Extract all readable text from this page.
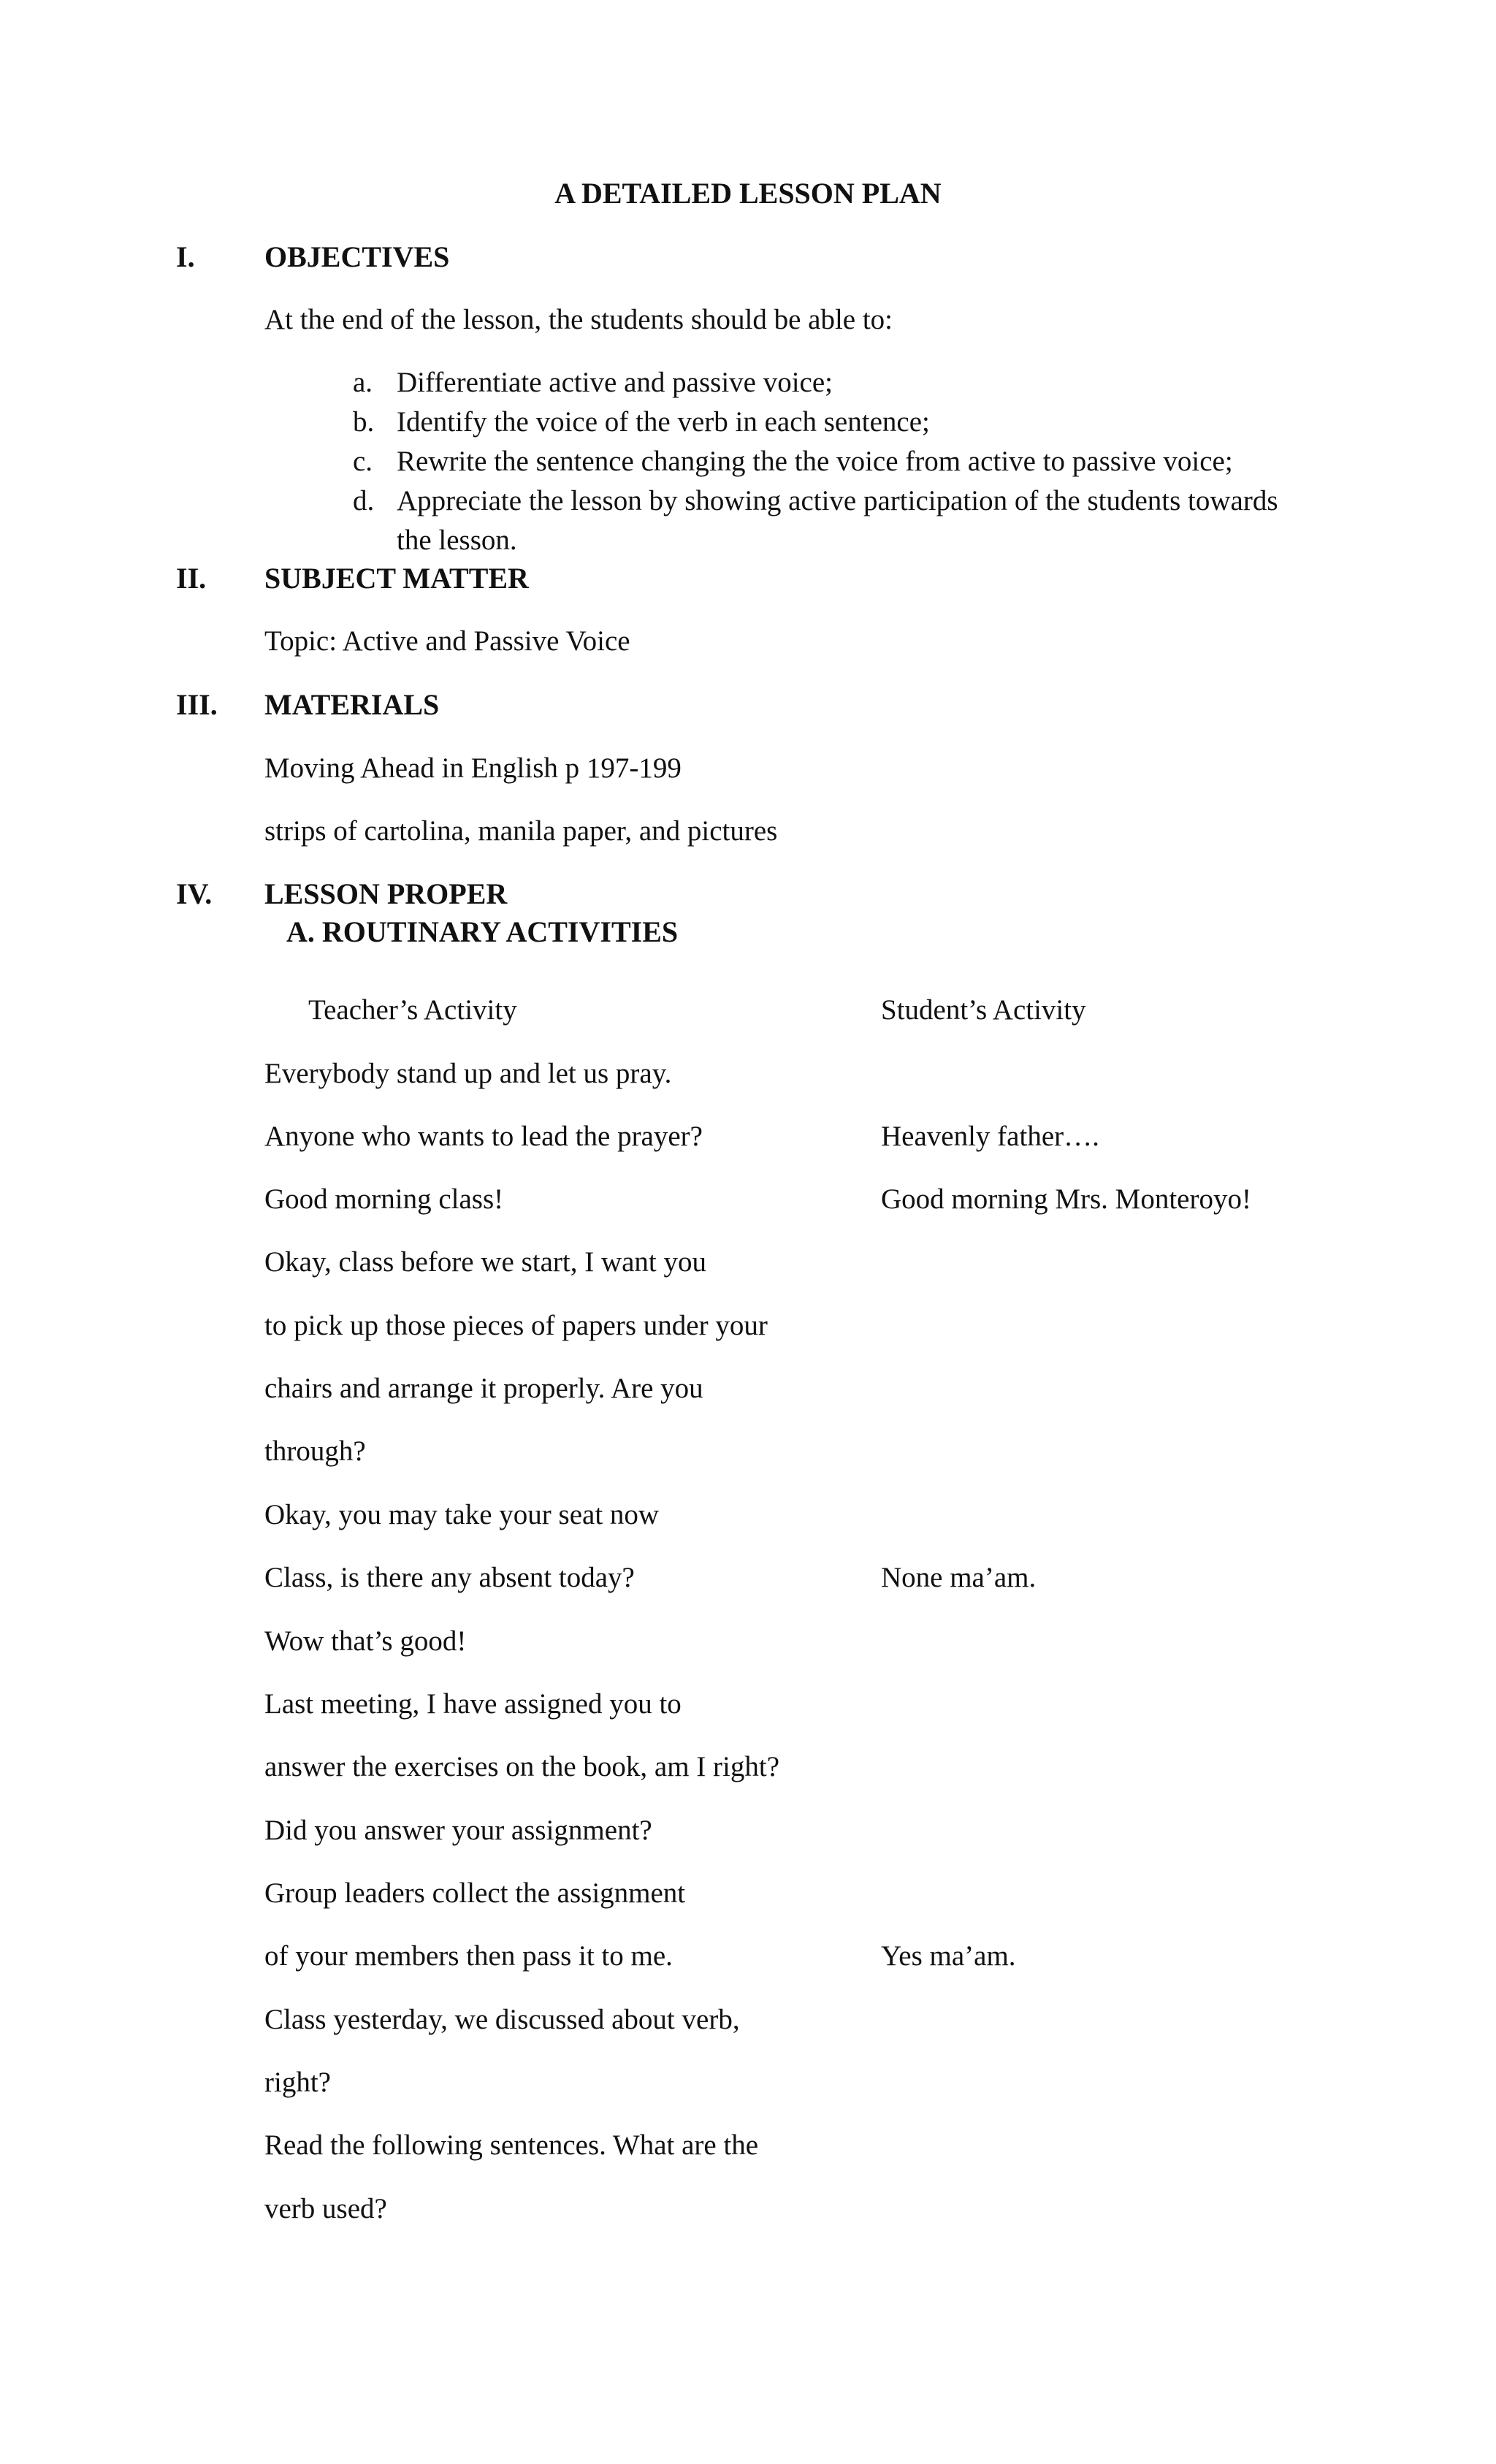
A DETAILED LESSON PLAN
I. OBJECTIVES
At the end of the lesson, the students should be able to:
a. Differentiate active and passive voice;
b. Identify the voice of the verb in each sentence;
c. Rewrite the sentence changing the the voice from active to passive voice;
d. Appreciate the lesson by showing active participation of the students towards
the lesson.
II. SUBJECT MATTER
Topic: Active and Passive Voice
III. MATERIALS
Moving Ahead in English p 197-199
strips of cartolina, manila paper, and pictures
IV. LESSON PROPER
A. ROUTINARY ACTIVITIES
Teacher’s Activity	Student’s Activity
Everybody stand up and let us pray.
Anyone who wants to lead the prayer?	Heavenly father….
Good morning class!	Good morning Mrs. Monteroyo!
Okay, class before we start, I want you
to pick up those pieces of papers under your
chairs and arrange it properly. Are you
through?
Okay, you may take your seat now
Class, is there any absent today?	None ma’am.
Wow that’s good!
Last meeting, I have assigned you to
answer the exercises on the book, am I right?
Did you answer your assignment?
Group leaders collect the assignment
of your members then pass it to me.	Yes ma’am.
Class yesterday, we discussed about verb,
right?
Read the following sentences. What are the
verb used?
